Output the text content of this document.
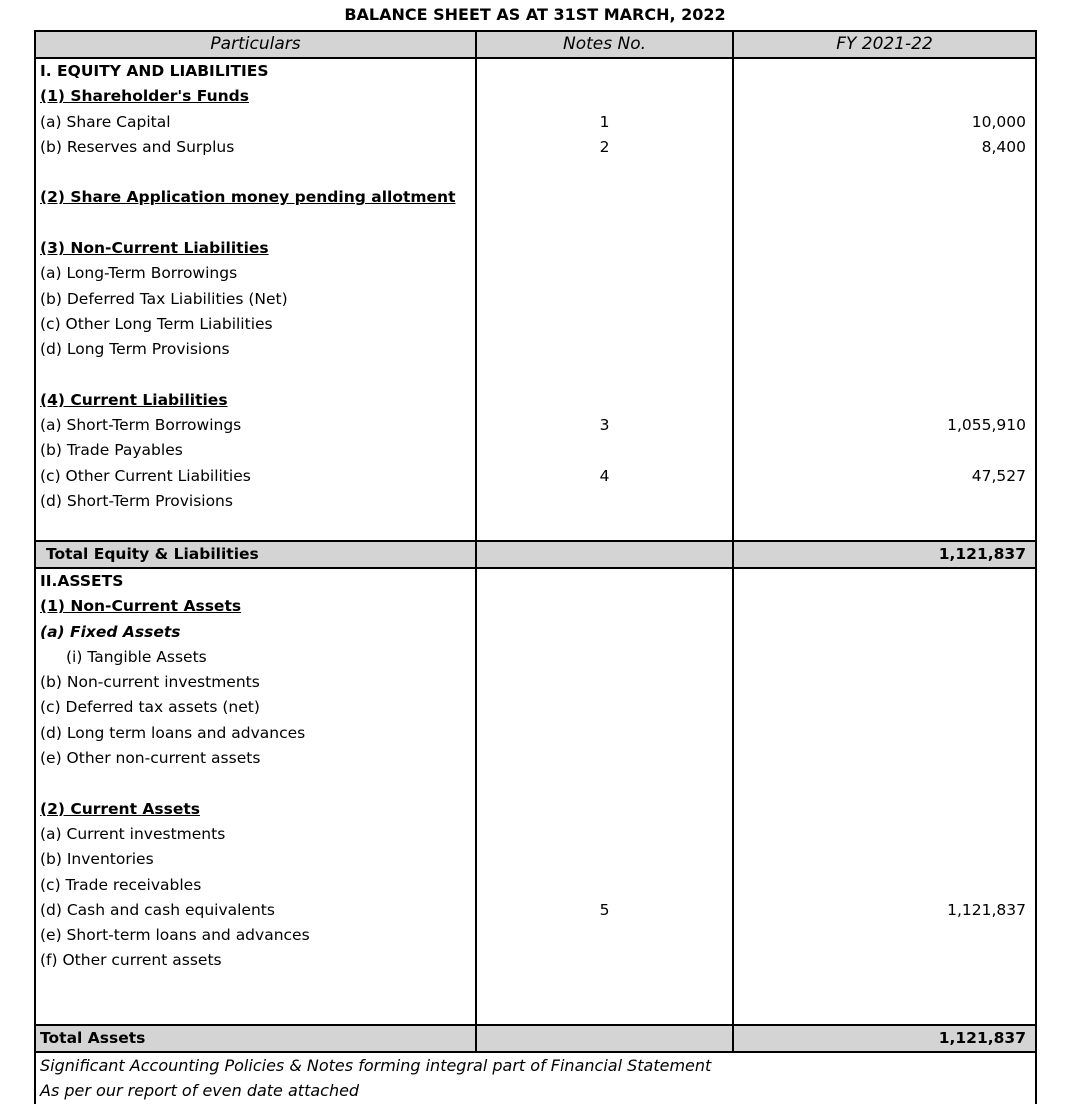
BALANCE SHEET AS AT 31ST MARCH, 2022
Particulars	Notes No.	FY 2021-22
I. EQUITY AND LIABILITIES		
(1) Shareholder's Funds		
(a) Share Capital	1	10,000
(b) Reserves and Surplus	2	8,400

(2) Share Application money pending allotment		

(3) Non-Current Liabilities		
(a) Long-Term Borrowings		
(b) Deferred Tax Liabilities (Net)		
(c) Other Long Term Liabilities		
(d) Long Term Provisions		

(4) Current Liabilities		
(a) Short-Term Borrowings	3	1,055,910
(b) Trade Payables		
(c) Other Current Liabilities	4	47,527
(d) Short-Term Provisions		

Total Equity & Liabilities		1,121,837
II.ASSETS		
(1) Non-Current Assets		
(a) Fixed Assets		
(i) Tangible Assets		
(b) Non-current investments		
(c) Deferred tax assets (net)		
(d) Long term loans and advances		
(e) Other non-current assets		

(2) Current Assets		
(a) Current investments		
(b) Inventories		
(c) Trade receivables		
(d) Cash and cash equivalents	5	1,121,837
(e) Short-term loans and advances		
(f) Other current assets		

Total Assets		1,121,837
Significant Accounting Policies & Notes forming integral part of Financial Statement		
As per our report of even date attached		
